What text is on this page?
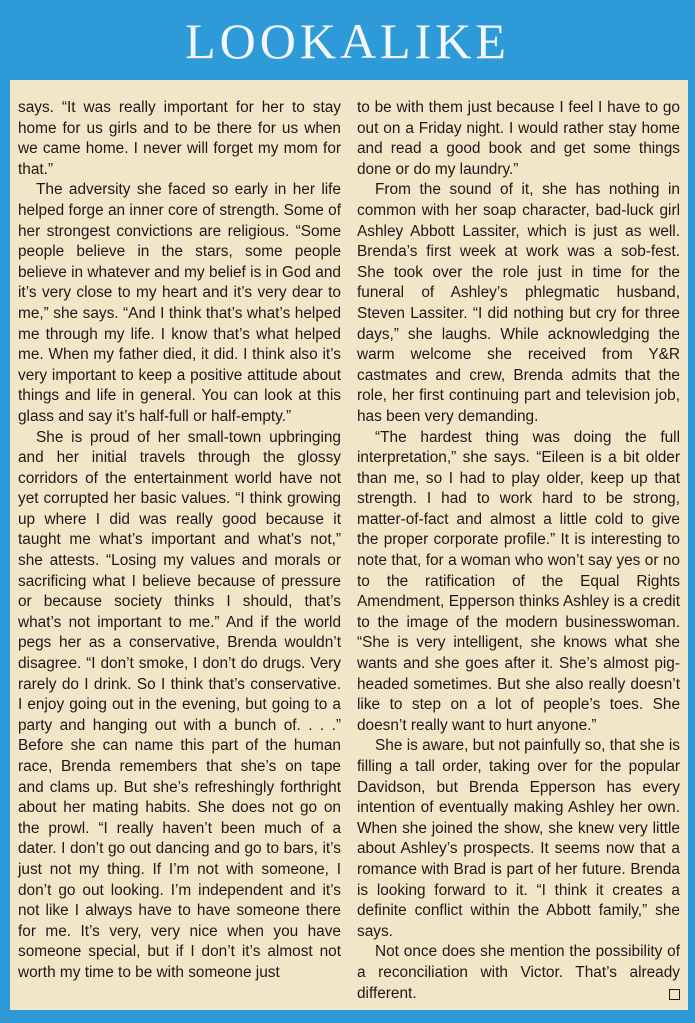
LOOKALIKE

says. “It was really important for her to stay home for us girls and to be there for us when we came home. I never will forget my mom for that.”

The adversity she faced so early in her life helped forge an inner core of strength. Some of her strongest convictions are religious. “Some people believe in the stars, some people believe in whatever and my belief is in God and it’s very close to my heart and it’s very dear to me,” she says. “And I think that’s what’s helped me through my life. I know that’s what helped me. When my father died, it did. I think also it’s very important to keep a positive attitude about things and life in general. You can look at this glass and say it’s half-full or half-empty.”

She is proud of her small-town upbringing and her initial travels through the glossy corridors of the entertainment world have not yet corrupted her basic values. “I think growing up where I did was really good because it taught me what’s important and what’s not,” she attests. “Losing my values and morals or sacrificing what I believe because of pressure or because society thinks I should, that’s what’s not important to me.” And if the world pegs her as a conservative, Brenda wouldn’t disagree. “I don’t smoke, I don’t do drugs. Very rarely do I drink. So I think that’s conservative. I enjoy going out in the evening, but going to a party and hanging out with a bunch of. . . .” Before she can name this part of the human race, Brenda remembers that she’s on tape and clams up. But she’s refreshingly forthright about her mating habits. She does not go on the prowl. “I really haven’t been much of a dater. I don’t go out dancing and go to bars, it’s just not my thing. If I’m not with someone, I don’t go out looking. I’m independent and it’s not like I always have to have someone there for me. It’s very, very nice when you have someone special, but if I don’t it’s almost not worth my time to be with someone just

to be with them just because I feel I have to go out on a Friday night. I would rather stay home and read a good book and get some things done or do my laundry.”

From the sound of it, she has nothing in common with her soap character, bad-luck girl Ashley Abbott Lassiter, which is just as well. Brenda’s first week at work was a sob-fest. She took over the role just in time for the funeral of Ashley’s phlegmatic husband, Steven Lassiter. “I did nothing but cry for three days,” she laughs. While acknowledging the warm welcome she received from Y&R castmates and crew, Brenda admits that the role, her first continuing part and television job, has been very demanding.

“The hardest thing was doing the full interpretation,” she says. “Eileen is a bit older than me, so I had to play older, keep up that strength. I had to work hard to be strong, matter-of-fact and almost a little cold to give the proper corporate profile.” It is interesting to note that, for a woman who won’t say yes or no to the ratification of the Equal Rights Amendment, Epperson thinks Ashley is a credit to the image of the modern businesswoman. “She is very intelligent, she knows what she wants and she goes after it. She’s almost pig-headed sometimes. But she also really doesn’t like to step on a lot of people’s toes. She doesn’t really want to hurt anyone.”

She is aware, but not painfully so, that she is filling a tall order, taking over for the popular Davidson, but Brenda Epperson has every intention of eventually making Ashley her own. When she joined the show, she knew very little about Ashley’s prospects. It seems now that a romance with Brad is part of her future. Brenda is looking forward to it. “I think it creates a definite conflict within the Abbott family,” she says.

Not once does she mention the possibility of a reconciliation with Victor. That’s already different.
